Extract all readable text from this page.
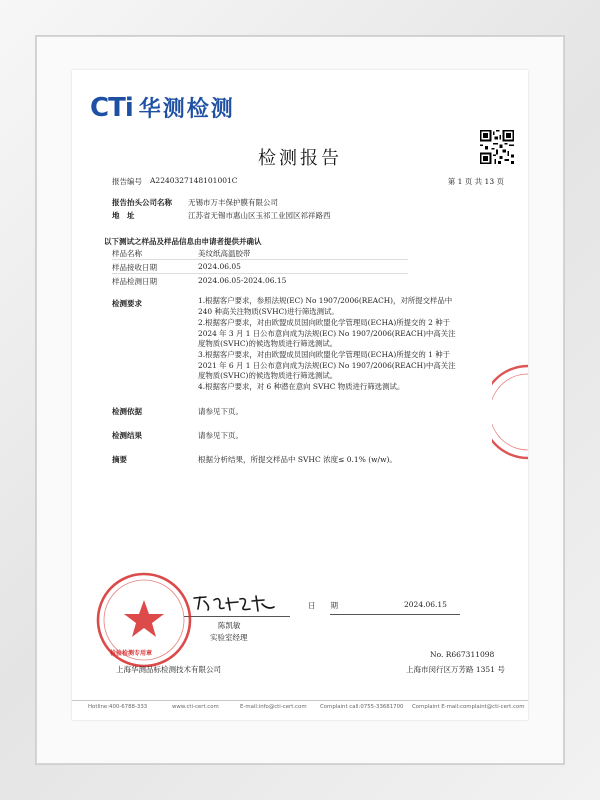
CTi 华测检测
检测报告
报告编号 A2240327148101001C	第 1 页 共 13 页
报告抬头公司名称 无锡市万丰保护膜有限公司
地　址	江苏省无锡市惠山区玉祁工业园区祁祥路西
以下测试之样品及样品信息由申请者提供并确认
样品名称	美纹纸高温胶带
样品接收日期	2024.06.05
样品检测日期	2024.06.05-2024.06.15
检测要求	1.根据客户要求，参照法规(EC) No 1907/2006(REACH)，对所提交样品中 240 种高关注物质(SVHC)进行筛选测试。
2.根据客户要求，对由欧盟成员国向欧盟化学管理局(ECHA)所提交的 2 种于 2024 年 3 月 1 日公布意向成为法规(EC) No 1907/2006(REACH)中高关注度物质(SVHC)的候选物质进行筛选测试。
3.根据客户要求，对由欧盟成员国向欧盟化学管理局(ECHA)所提交的 1 种于 2021 年 6 月 1 日公布意向成为法规(EC) No 1907/2006(REACH)中高关注度物质(SVHC)的候选物质进行筛选测试。
4.根据客户要求，对 6 种潜在意向 SVHC 物质进行筛选测试。
检测依据	请参见下页。
检测结果	请参见下页。
摘要	根据分析结果，所提交样品中 SVHC 浓度≤ 0.1% (w/w)。
陈凯敏
实验室经理
日　　期	2024.06.15
检验检测专用章	No. R667311098
上海华测品标检测技术有限公司	上海市闵行区万芳路 1351 号
Hotline:400-6788-333	www.cti-cert.com	E-mail:info@cti-cert.com Complaint call:0755-33681700 Complaint E-mail:complaint@cti-cert.com
